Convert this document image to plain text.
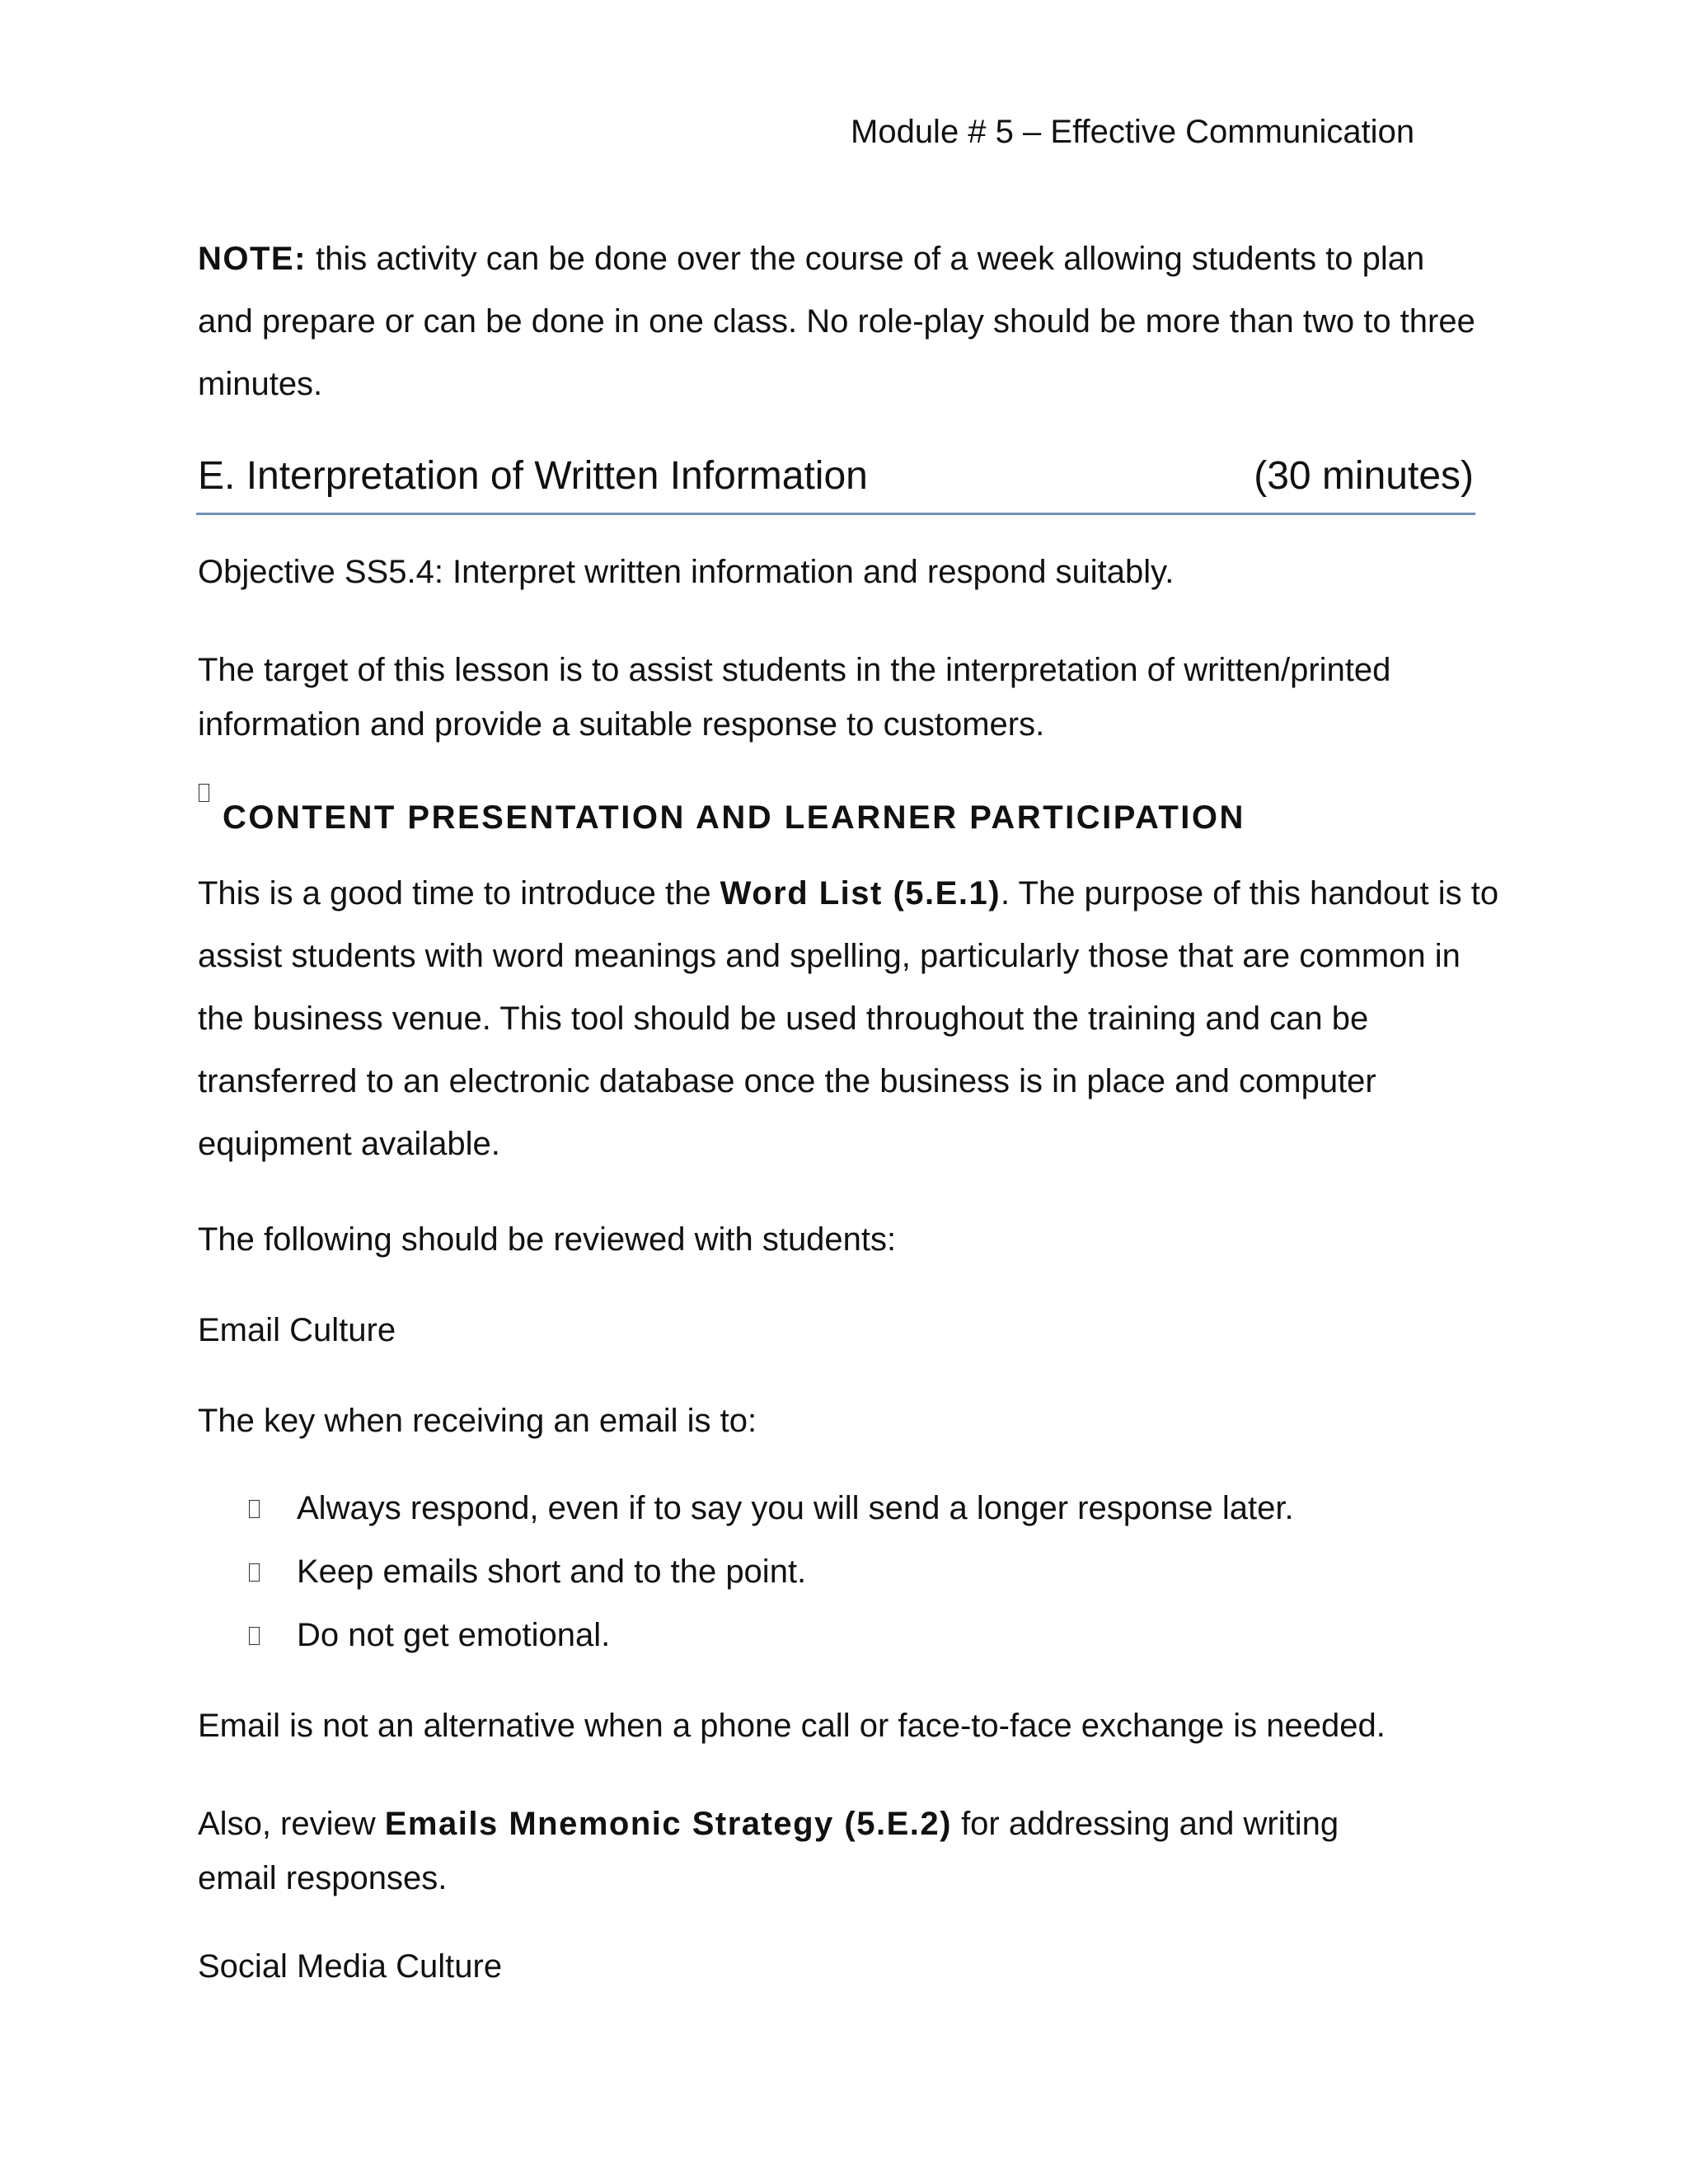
Module # 5 – Effective Communication

NOTE: this activity can be done over the course of a week allowing students to plan and prepare or can be done in one class. No role-play should be more than two to three minutes.

E. Interpretation of Written Information	(30 minutes)

Objective SS5.4: Interpret written information and respond suitably.

The target of this lesson is to assist students in the interpretation of written/printed information and provide a suitable response to customers.

CONTENT PRESENTATION AND LEARNER PARTICIPATION

This is a good time to introduce the Word List (5.E.1). The purpose of this handout is to assist students with word meanings and spelling, particularly those that are common in the business venue. This tool should be used throughout the training and can be transferred to an electronic database once the business is in place and computer equipment available.

The following should be reviewed with students:

Email Culture

The key when receiving an email is to:

Always respond, even if to say you will send a longer response later.
Keep emails short and to the point.
Do not get emotional.

Email is not an alternative when a phone call or face-to-face exchange is needed.

Also, review Emails Mnemonic Strategy (5.E.2) for addressing and writing email responses.

Social Media Culture
